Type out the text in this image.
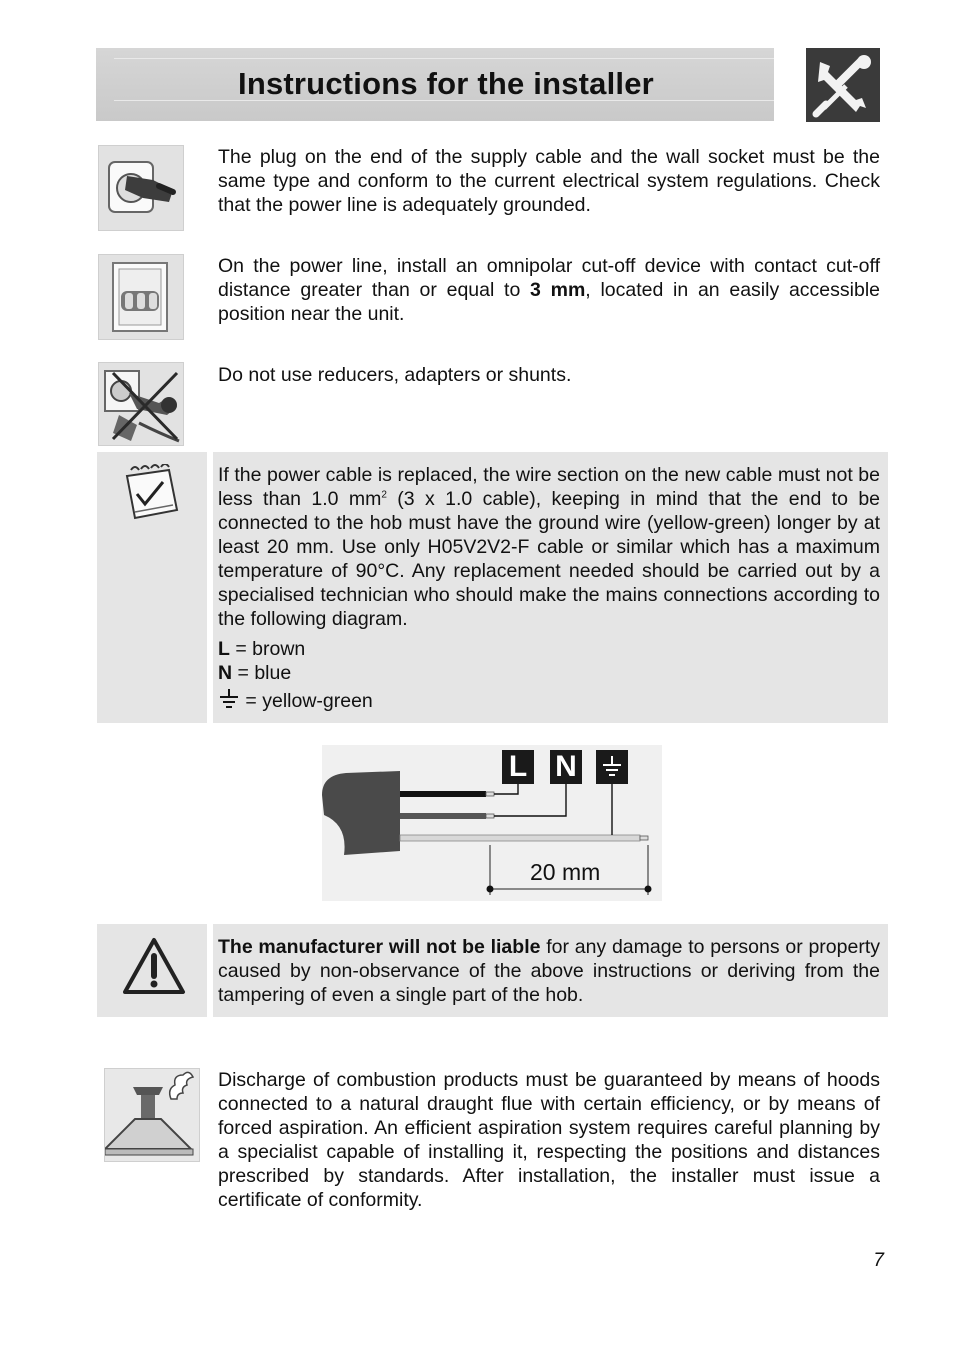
Instructions for the installer
The plug on the end of the supply cable and the wall socket must be the same type and conform to the current electrical system regulations. Check that the power line is adequately grounded.
On the power line, install an omnipolar cut-off device with contact cut-off distance greater than or equal to 3 mm, located in an easily accessible position near the unit.
Do not use reducers, adapters or shunts.
If the power cable is replaced, the wire section on the new cable must not be less than 1.0 $mm^2$ (3 x 1.0 cable), keeping in mind that the end to be connected to the hob must have the ground wire (yellow-green) longer by at least 20 mm. Use only H05V2V2-F cable or similar which has a maximum temperature of 90°C. Any replacement needed should be carried out by a specialised technician who should make the mains connections according to the following diagram.
L = brown
N = blue
= yellow-green
L N
20 mm
The manufacturer will not be liable for any damage to persons or property caused by non-observance of the above instructions or deriving from the tampering of even a single part of the hob.
Discharge of combustion products must be guaranteed by means of hoods connected to a natural draught flue with certain efficiency, or by means of forced aspiration. An efficient aspiration system requires careful planning by a specialist capable of installing it, respecting the positions and distances prescribed by standards. After installation, the installer must issue a certificate of conformity.
7
